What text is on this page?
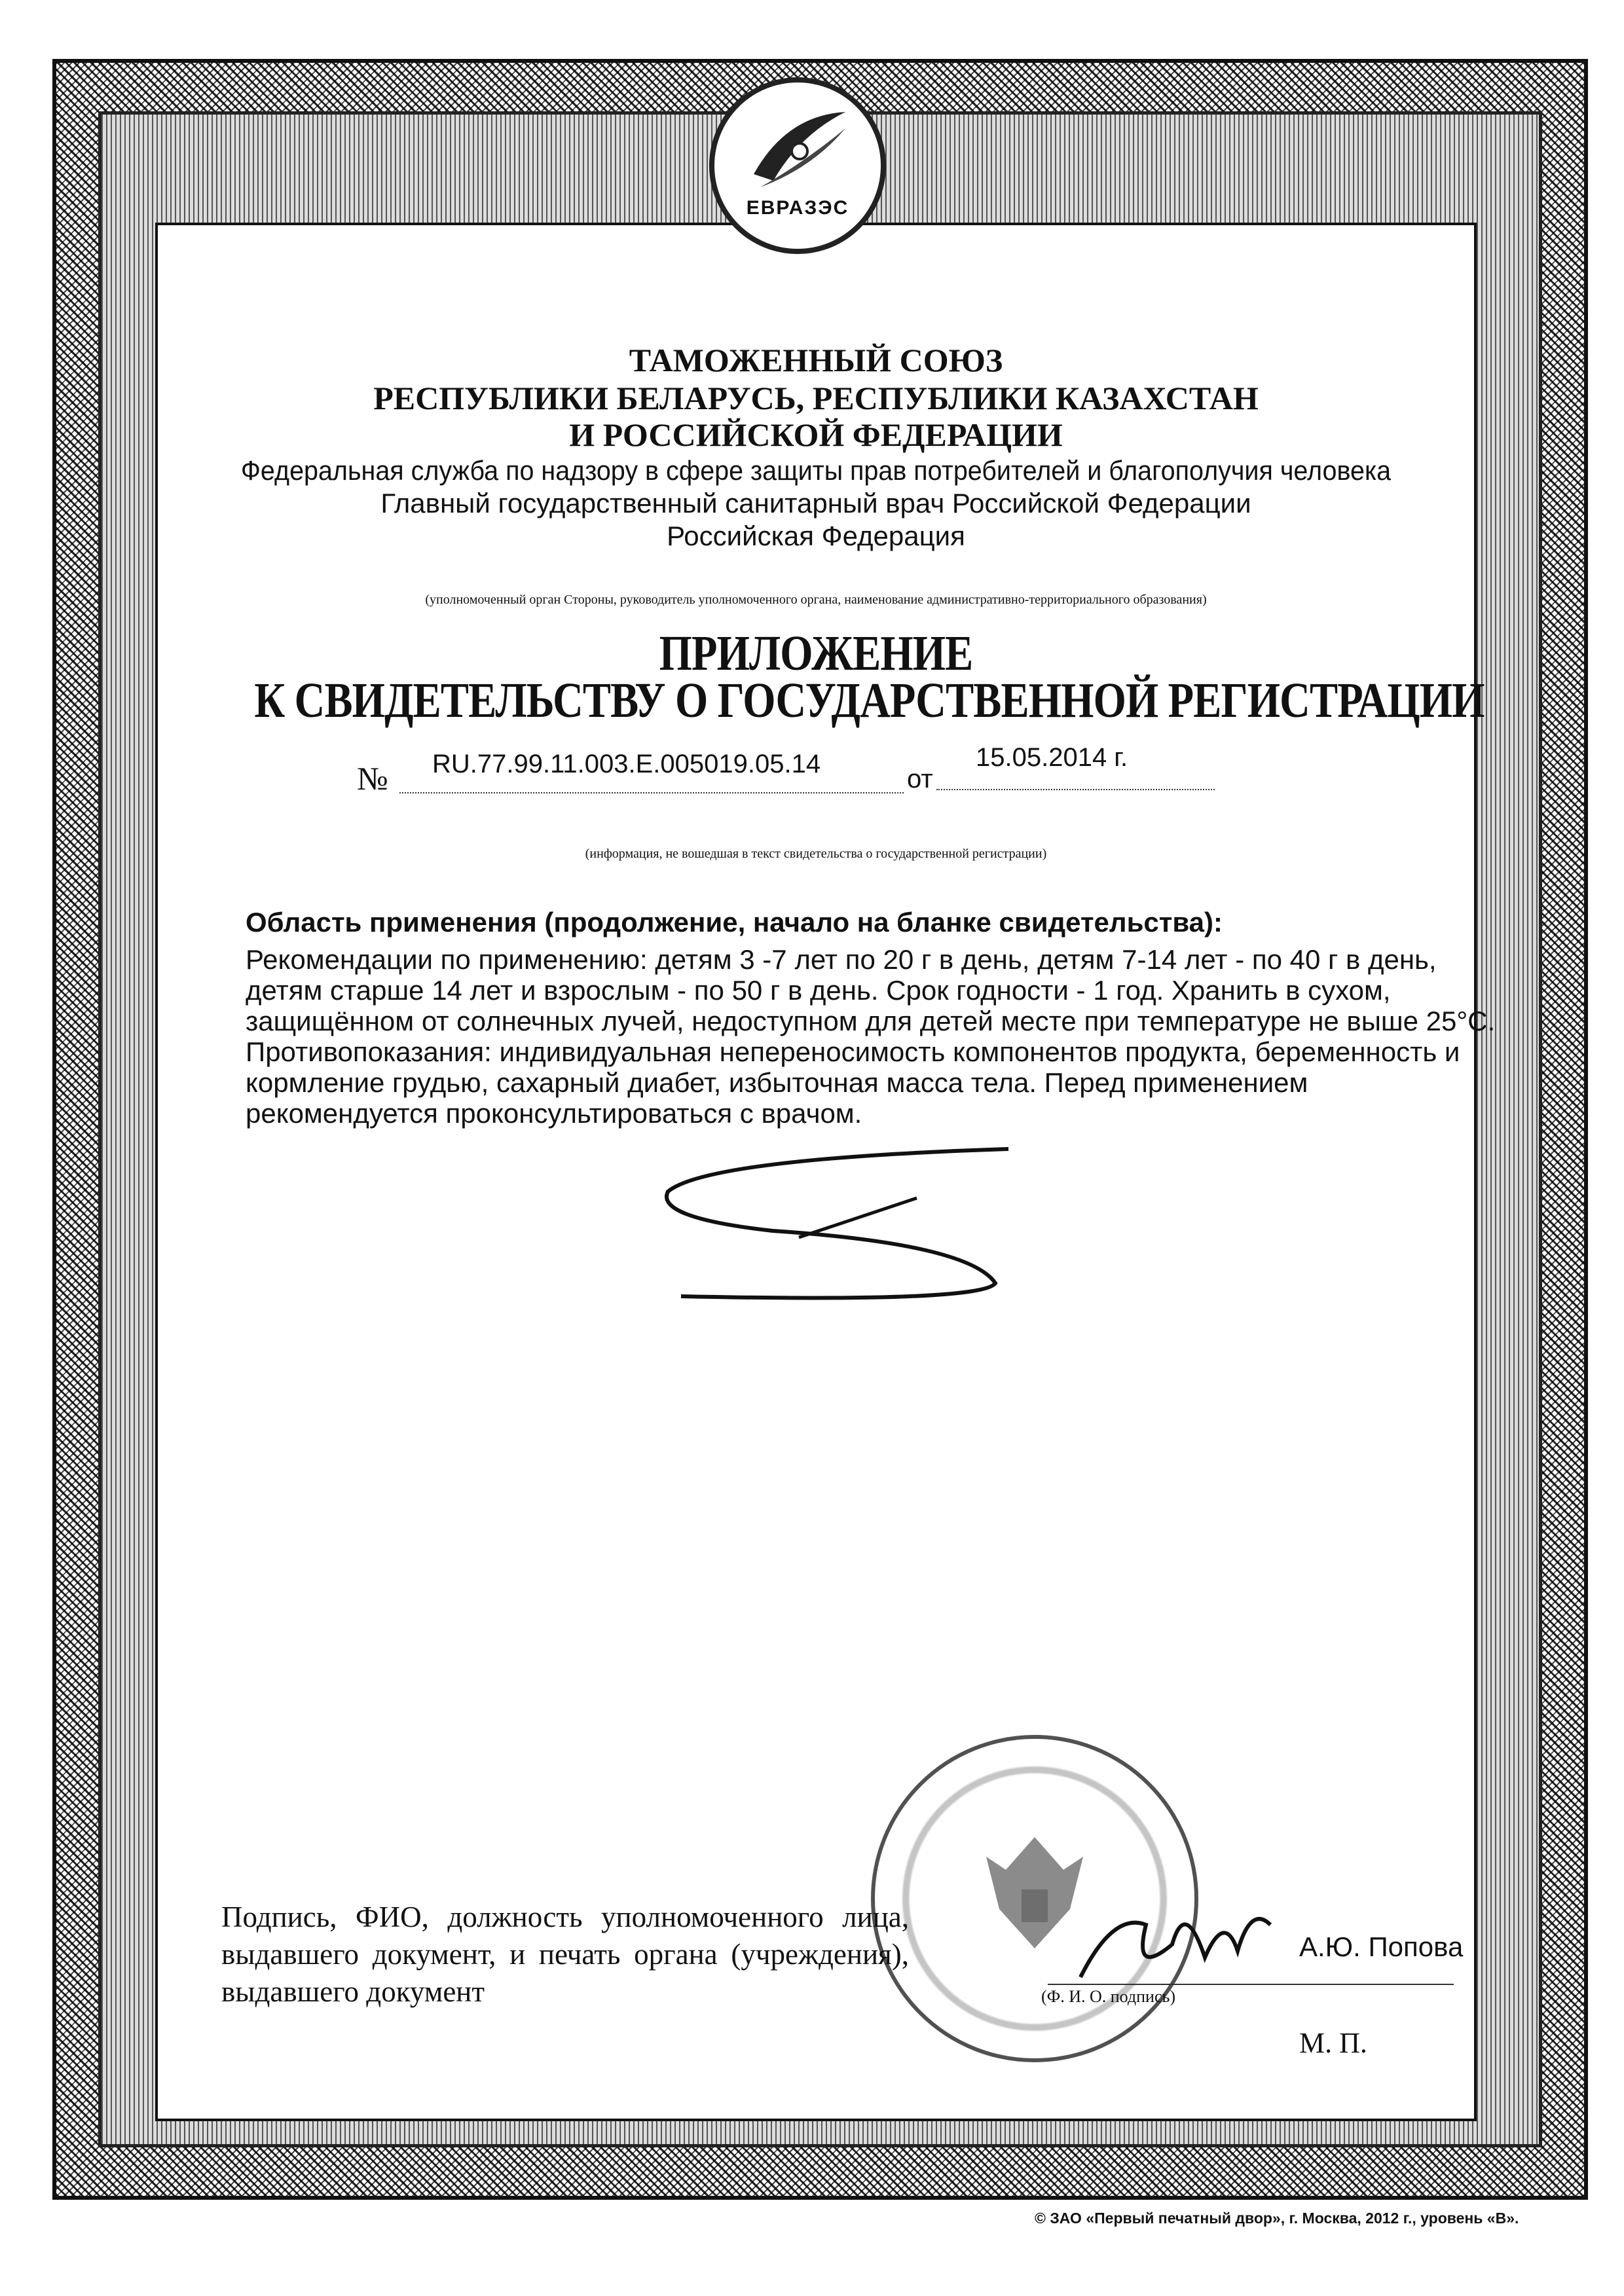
ЕВРАЗЭС
ТАМОЖЕННЫЙ СОЮЗ
РЕСПУБЛИКИ БЕЛАРУСЬ, РЕСПУБЛИКИ КАЗАХСТАН
И РОССИЙСКОЙ ФЕДЕРАЦИИ
Федеральная служба по надзору в сфере защиты прав потребителей и благополучия человека
Главный государственный санитарный врач Российской Федерации
Российская Федерация
(уполномоченный орган Стороны, руководитель уполномоченного органа, наименование административно-территориального образования)
ПРИЛОЖЕНИЕ
К СВИДЕТЕЛЬСТВУ О ГОСУДАРСТВЕННОЙ РЕГИСТРАЦИИ
№ RU.77.99.11.003.E.005019.05.14
от
15.05.2014 г.
(информация, не вошедшая в текст свидетельства о государственной регистрации)
Область применения (продолжение, начало на бланке свидетельства):
Рекомендации по применению: детям 3 -7 лет по 20 г в день, детям 7-14 лет - по 40 г в день,
детям старше 14 лет и взрослым - по 50 г в день. Срок годности - 1 год. Хранить в сухом,
защищённом от солнечных лучей, недоступном для детей месте при температуре не выше 25°С.
Противопоказания: индивидуальная непереносимость компонентов продукта, беременность и
кормление грудью, сахарный диабет, избыточная масса тела. Перед применением
рекомендуется проконсультироваться с врачом.
Подпись, ФИО, должность уполномоченного лица, выдавшего документ, и печать органа (учреждения), выдавшего документ
А.Ю. Попова
(Ф. И. О. подпись)
М. П.
© ЗАО «Первый печатный двор», г. Москва, 2012 г., уровень «В».
